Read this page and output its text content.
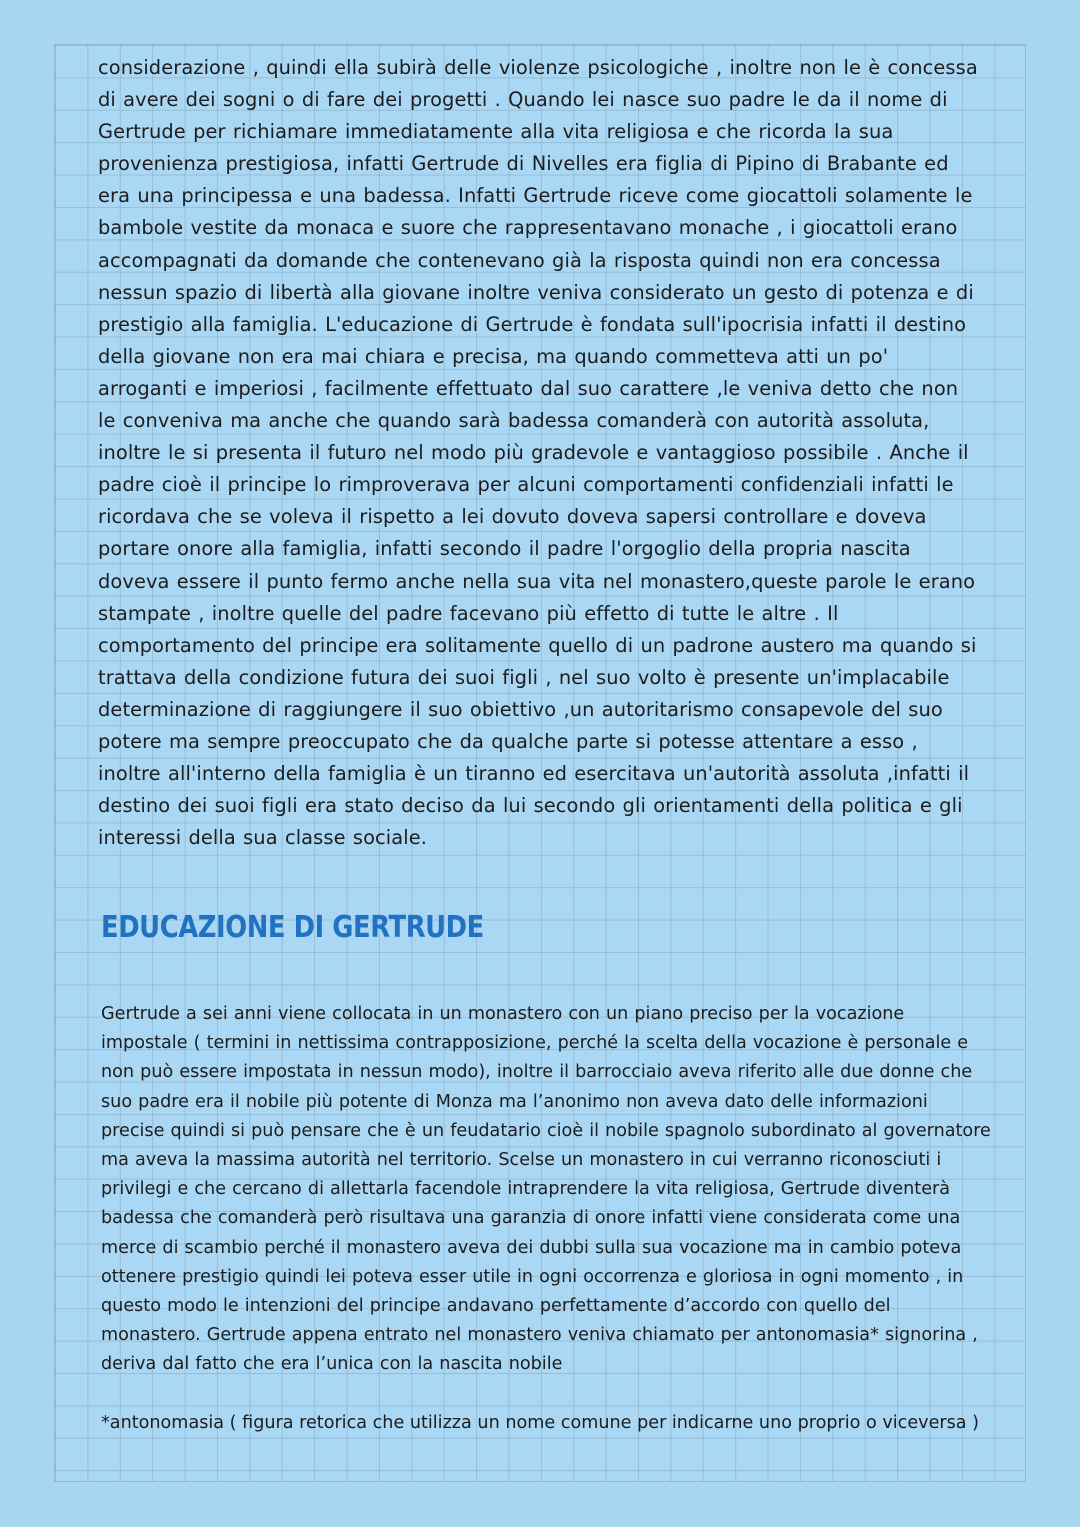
considerazione , quindi ella subirà delle violenze psicologiche , inoltre non le è concessa di avere dei sogni o di fare dei progetti . Quando lei nasce suo padre le da il nome di Gertrude per richiamare immediatamente alla vita religiosa e che ricorda la sua provenienza prestigiosa, infatti Gertrude di Nivelles era figlia di Pipino di Brabante ed era una principessa e una badessa. Infatti Gertrude riceve come giocattoli solamente le bambole vestite da monaca e suore che rappresentavano monache , i giocattoli erano accompagnati da domande che contenevano già la risposta quindi non era concessa nessun spazio di libertà alla giovane inoltre veniva considerato un gesto di potenza e di prestigio alla famiglia. L'educazione di Gertrude è fondata sull'ipocrisia infatti il destino della giovane non era mai chiara e precisa, ma quando commetteva atti un po' arroganti e imperiosi , facilmente effettuato dal suo carattere ,le veniva detto che non le conveniva ma anche che quando sarà badessa comanderà con autorità assoluta, inoltre le si presenta il futuro nel modo più gradevole e vantaggioso possibile . Anche il padre cioè il principe lo rimproverava per alcuni comportamenti confidenziali infatti le ricordava che se voleva il rispetto a lei dovuto doveva sapersi controllare e doveva portare onore alla famiglia, infatti secondo il padre l'orgoglio della propria nascita doveva essere il punto fermo anche nella sua vita nel monastero,queste parole le erano stampate , inoltre quelle del padre facevano più effetto di tutte le altre . Il comportamento del principe era solitamente quello di un padrone austero ma quando si trattava della condizione futura dei suoi figli , nel suo volto è presente un'implacabile determinazione di raggiungere il suo obiettivo ,un autoritarismo consapevole del suo potere ma sempre preoccupato che da qualche parte si potesse attentare a esso , inoltre all'interno della famiglia è un tiranno ed esercitava un'autorità assoluta ,infatti il destino dei suoi figli era stato deciso da lui secondo gli orientamenti della politica e gli interessi della sua classe sociale.

EDUCAZIONE DI GERTRUDE

Gertrude a sei anni viene collocata in un monastero con un piano preciso per la vocazione impostale ( termini in nettissima contrapposizione, perché la scelta della vocazione è personale e non può essere impostata in nessun modo), inoltre il barrocciaio aveva riferito alle due donne che suo padre era il nobile più potente di Monza ma l’anonimo non aveva dato delle informazioni precise quindi si può pensare che è un feudatario cioè il nobile spagnolo subordinato al governatore ma aveva la massima autorità nel territorio. Scelse un monastero in cui verranno riconosciuti i privilegi e che cercano di allettarla facendole intraprendere la vita religiosa, Gertrude diventerà badessa che comanderà però risultava una garanzia di onore infatti viene considerata come una merce di scambio perché il monastero aveva dei dubbi sulla sua vocazione ma in cambio poteva ottenere prestigio quindi lei poteva esser utile in ogni occorrenza e gloriosa in ogni momento , in questo modo le intenzioni del principe andavano perfettamente d’accordo con quello del monastero. Gertrude appena entrato nel monastero veniva chiamato per antonomasia* signorina , deriva dal fatto che era l’unica con la nascita nobile

*antonomasia ( figura retorica che utilizza un nome comune per indicarne uno proprio o viceversa )
